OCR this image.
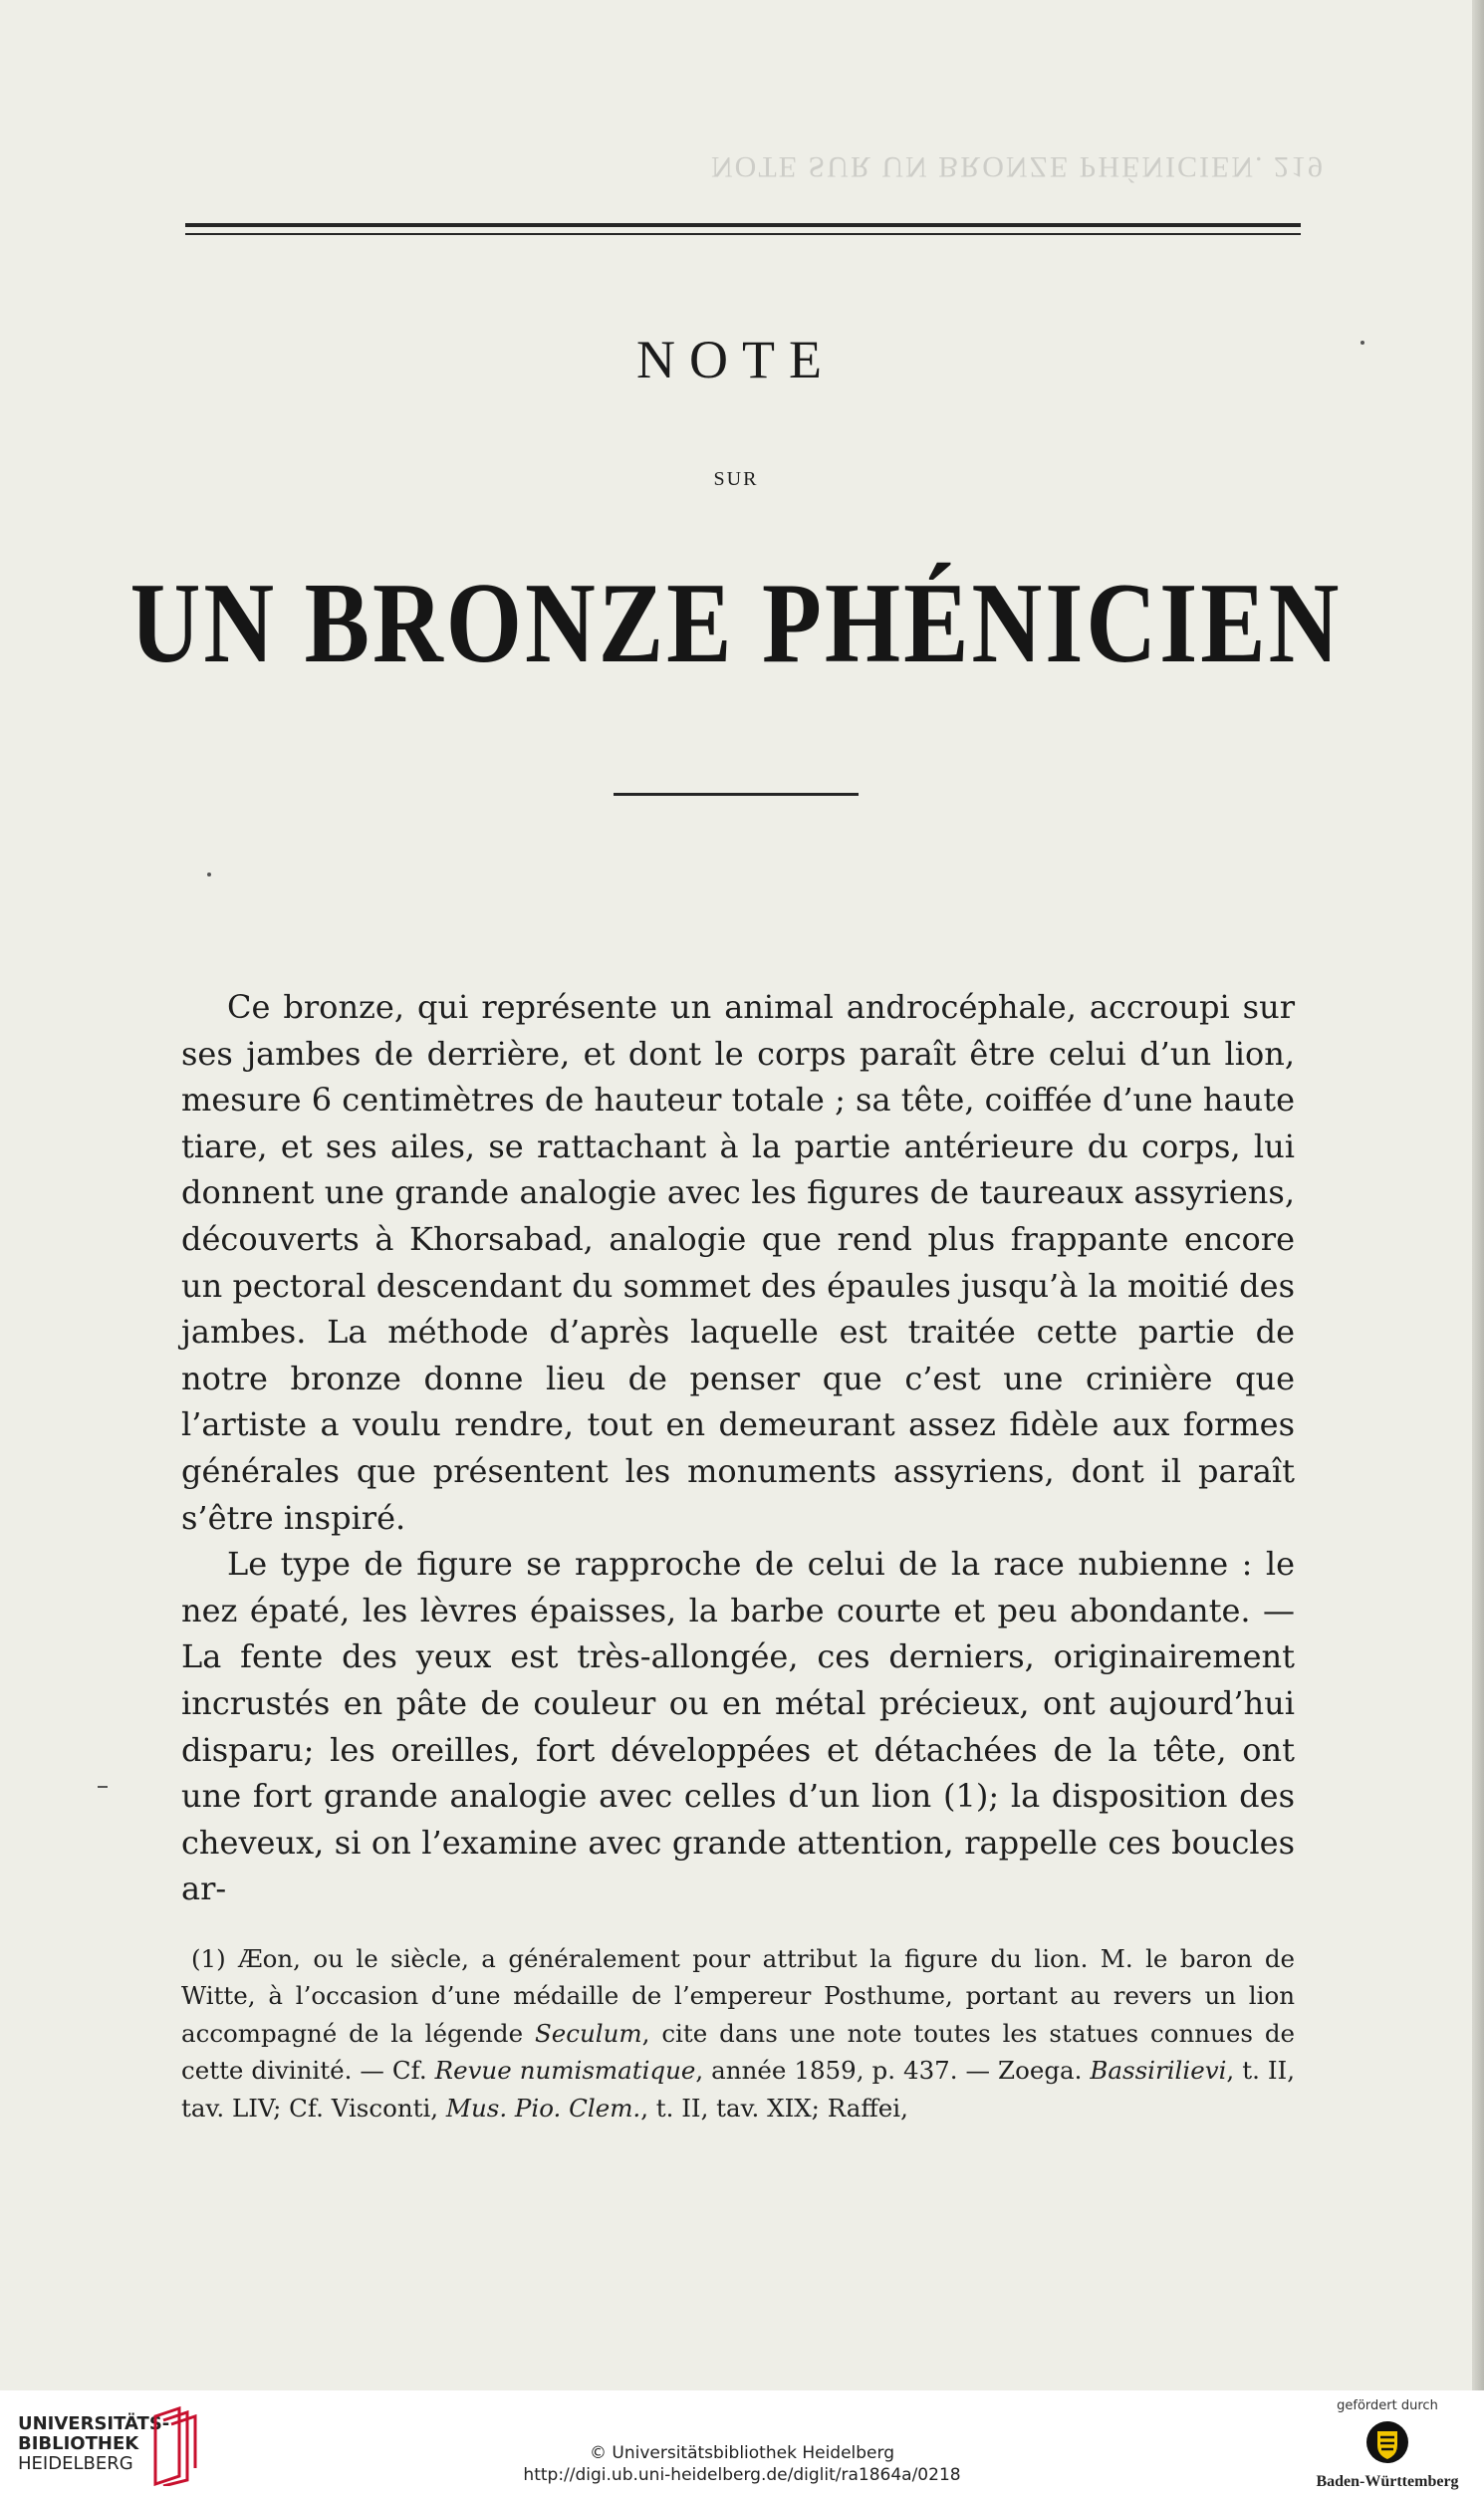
NOTE SUR UN BRONZE PHÉNICIEN. 219
NOTE
SUR
UN BRONZE PHÉNICIEN

Ce bronze, qui représente un animal androcéphale, accroupi sur ses jambes de derrière, et dont le corps paraît être celui d’un lion, mesure 6 centimètres de hauteur totale ; sa tête, coiffée d’une haute tiare, et ses ailes, se rattachant à la partie antérieure du corps, lui donnent une grande analogie avec les figures de taureaux assyriens, découverts à Khorsabad, analogie que rend plus frappante encore un pectoral descendant du sommet des épaules jusqu’à la moitié des jambes. La méthode d’après laquelle est traitée cette partie de notre bronze donne lieu de penser que c’est une crinière que l’artiste a voulu rendre, tout en demeurant assez fidèle aux formes générales que présentent les monuments assyriens, dont il paraît s’être inspiré.

Le type de figure se rapproche de celui de la race nubienne : le nez épaté, les lèvres épaisses, la barbe courte et peu abondante. — La fente des yeux est très-allongée, ces derniers, originairement incrustés en pâte de couleur ou en métal précieux, ont aujourd’hui disparu; les oreilles, fort développées et détachées de la tête, ont une fort grande analogie avec celles d’un lion (1); la disposition des cheveux, si on l’examine avec grande attention, rappelle ces boucles ar-

(1) Æon, ou le siècle, a généralement pour attribut la figure du lion. M. le baron de Witte, à l’occasion d’une médaille de l’empereur Posthume, portant au revers un lion accompagné de la légende Seculum, cite dans une note toutes les statues connues de cette divinité. — Cf. Revue numismatique, année 1859, p. 437. — Zoega. Bassirilievi, t. II, tav. LIV; Cf. Visconti, Mus. Pio. Clem., t. II, tav. XIX; Raffei,

UNIVERSITÄTS-
BIBLIOTHEK
HEIDELBERG	© Universitätsbibliothek Heidelberg
http://digi.ub.uni-heidelberg.de/diglit/ra1864a/0218
gefördert durch
Baden-Württemberg
